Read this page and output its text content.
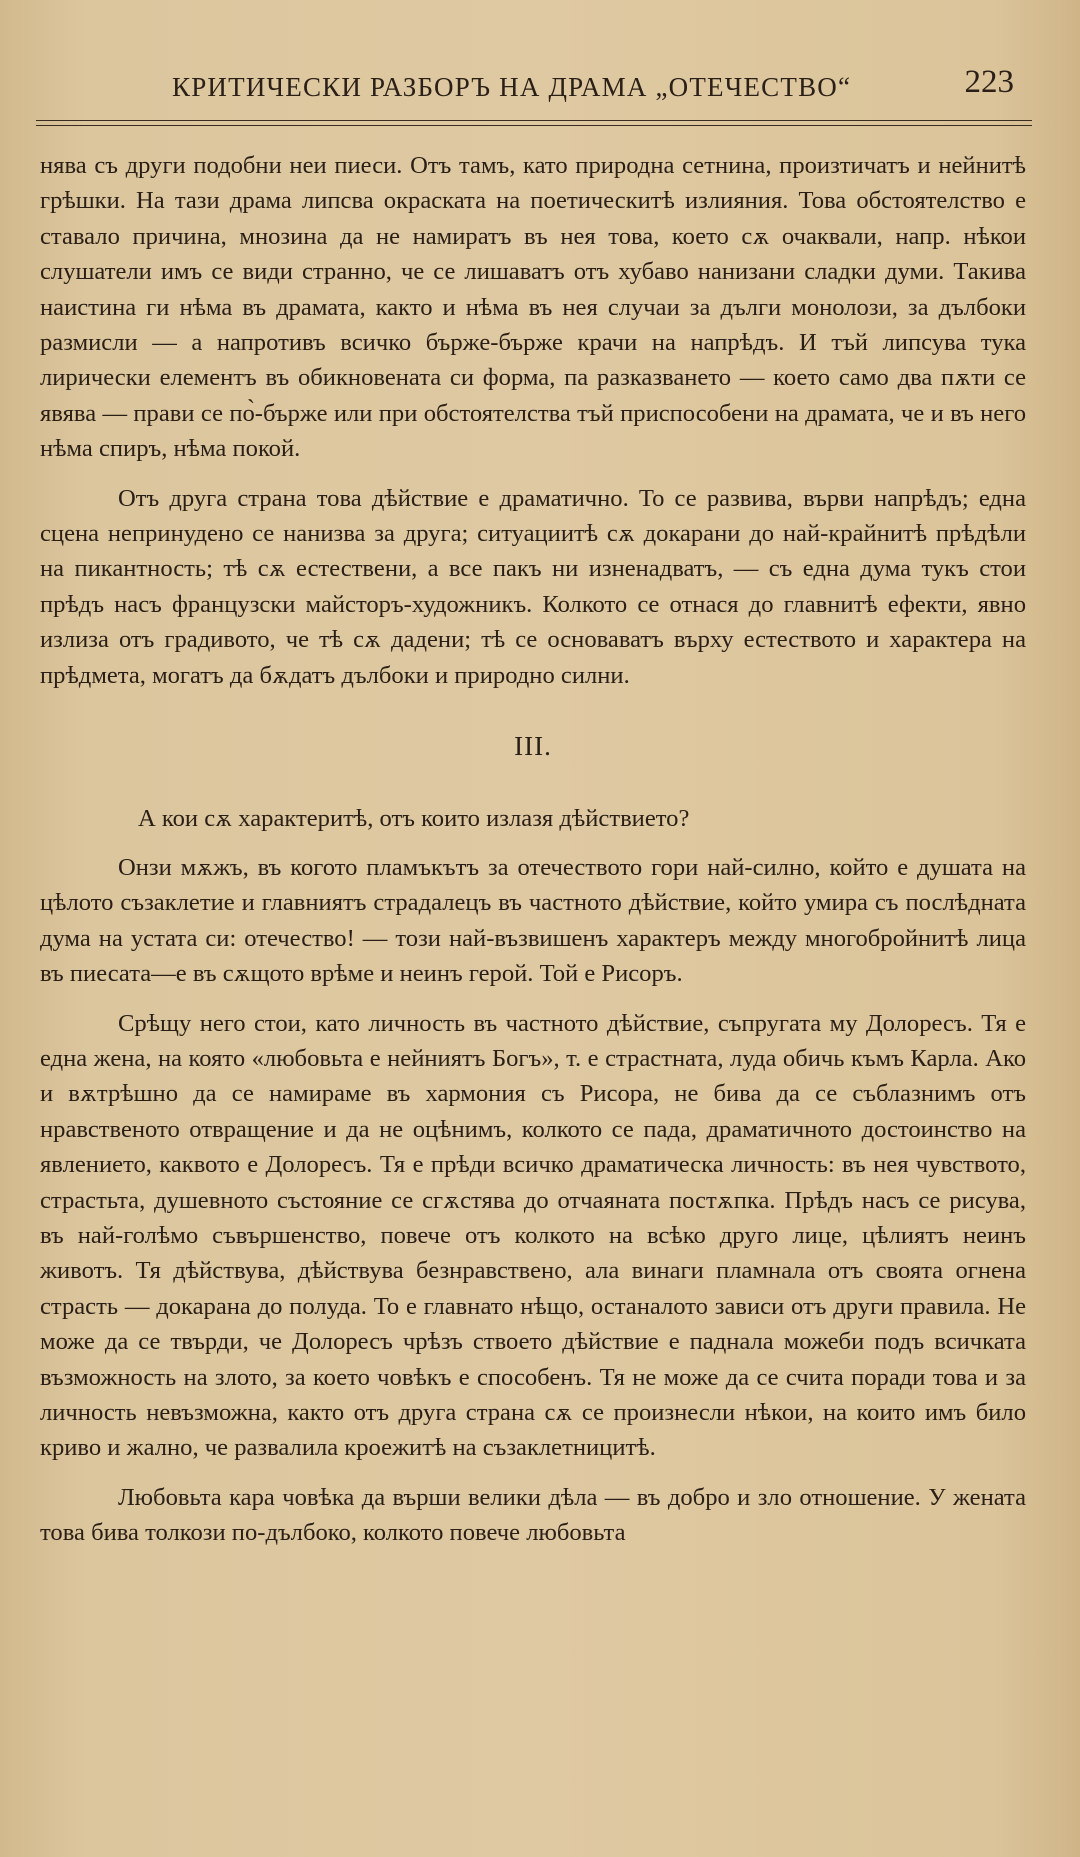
КРИТИЧЕСКИ РАЗБОРЪ НА ДРАМА „ОТЕЧЕСТВО“	223

нява съ други подобни неи пиеси. Отъ тамъ, като природна сетнина, произтичатъ и нейнитѣ грѣшки. На тази драма липсва окраската на поетическитѣ излияния. Това обстоятелство е ставало причина, мнозина да не намиратъ въ нея това, което сѫ очаквали, напр. нѣкои слушатели имъ се види странно, че се лишаватъ отъ хубаво нанизани сладки думи. Такива наистина ги нѣма въ драмата, както и нѣма въ нея случаи за дълги монолози, за дълбоки размисли — а напротивъ всичко бърже-бърже крачи на напрѣдъ. И тъй липсува тука лирически елементъ въ обикновената си форма, па разказването — което само два пѫти се явява — прави се по̀-бърже или при обстоятелства тъй приспособени на драмата, че и въ него нѣма спиръ, нѣма покой.

Отъ друга страна това дѣйствие е драматично. То се развива, върви напрѣдъ; една сцена непринудено се нанизва за друга; ситуациитѣ сѫ докарани до най-крайнитѣ прѣдѣли на пикантность; тѣ сѫ естествени, а все пакъ ни изненадватъ, — съ една дума тукъ стои прѣдъ насъ французски майсторъ-художникъ. Колкото се отнася до главнитѣ ефекти, явно излиза отъ градивото, че тѣ сѫ дадени; тѣ се основаватъ върху естеството и характера на прѣдмета, могатъ да бѫдатъ дълбоки и природно силни.

III.

А кои сѫ характеритѣ, отъ които излазя дѣйствието?

Онзи мѫжъ, въ когото пламъкътъ за отечеството гори най-силно, който е душата на цѣлото съзаклетие и главниятъ страдалецъ въ частното дѣйствие, който умира съ послѣдната дума на устата си: отечество! — този най-възвишенъ характеръ между многобройнитѣ лица въ пиесата—е въ сѫщото врѣме и неинъ герой. Той е Рисоръ.

Срѣщу него стои, като личность въ частното дѣйствие, съпругата му Долоресъ. Тя е една жена, на която «любовьта е нейниятъ Богъ», т. е страстната, луда обичь къмъ Карла. Ако и вѫтрѣшно да се намираме въ хармония съ Рисора, не бива да се съблазнимъ отъ нравственото отвращение и да не оцѣнимъ, колкото се пада, драматичното достоинство на явлението, каквото е Долоресъ. Тя е прѣди всичко драматическа личность: въ нея чувството, страстьта, душевното състояние се сгѫстява до отчаяната постѫпка. Прѣдъ насъ се рисува, въ най-голѣмо съвършенство, повече отъ колкото на всѣко друго лице, цѣлиятъ неинъ животъ. Тя дѣйствува, дѣйствува безнравствено, ала винаги пламнала отъ своята огнена страсть — докарана до полуда. То е главнато нѣщо, останалото зависи отъ други правила. Не може да се твърди, че Долоресъ чрѣзъ ствоето дѣйствие е паднала можеби подъ всичката възможность на злото, за което човѣкъ е способенъ. Тя не може да се счита поради това и за личность невъзможна, както отъ друга страна сѫ се произнесли нѣкои, на които имъ било криво и жално, че развалила кроежитѣ на съзаклетницитѣ.

Любовьта кара човѣка да върши велики дѣла — въ добро и зло отношение. У жената това бива толкози по-дълбоко, колкото повече любовьта
